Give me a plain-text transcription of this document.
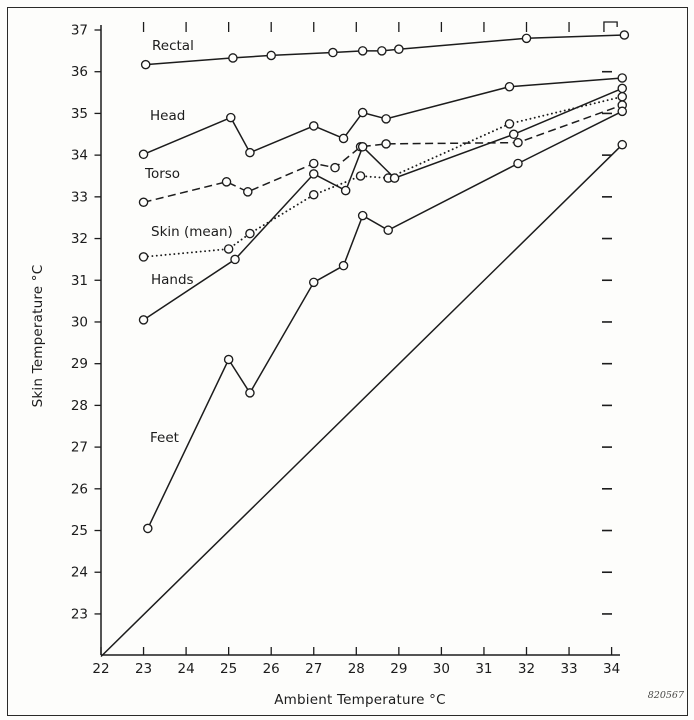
23
24
25
26
27
28
29
30
31
32
33
34
35
36
37
22 23 24 25 26 27 28 29 30 31 32 33 34
Rectal
Head
Torso
Skin (mean)
Hands
Feet
Skin Temperature °C
Ambient Temperature °C	820567
